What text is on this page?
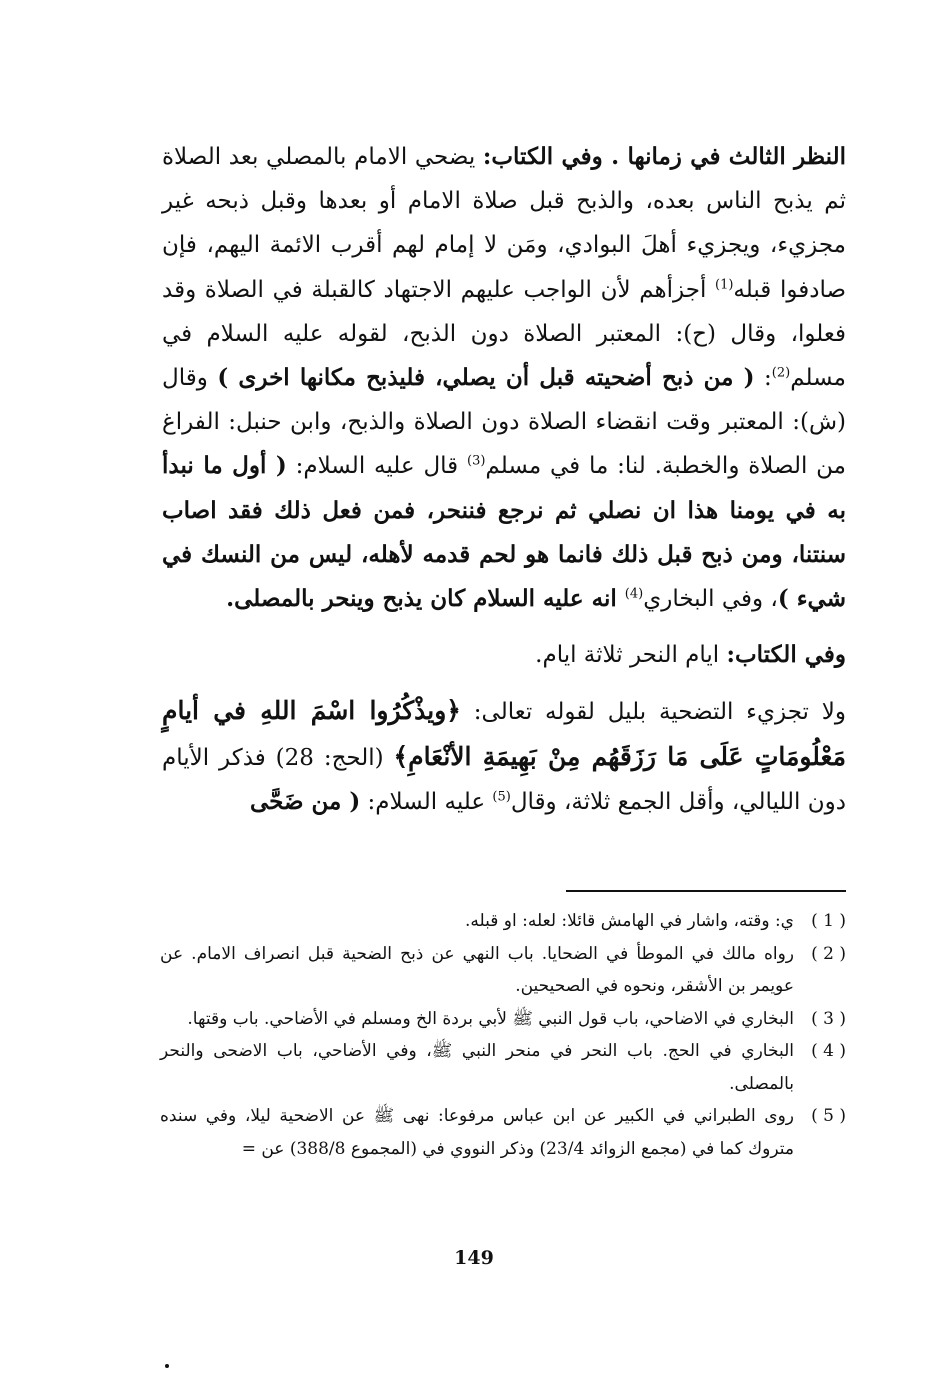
النظر الثالث في زمانها . وفي الكتاب: يضحي الامام بالمصلي بعد الصلاة ثم يذبح الناس بعده، والذبح قبل صلاة الامام أو بعدها وقبل ذبحه غير مجزيء، ويجزيء أهلَ البوادي، ومَن لا إمام لهم أقرب الائمة اليهم، فإن صادفوا قبله$^{(1)}$ أجزأهم لأن الواجب عليهم الاجتهاد كالقبلة في الصلاة وقد فعلوا، وقال (ح): المعتبر الصلاة دون الذبح، لقوله عليه السلام في مسلم$^{(2)}$: ( من ذبح أضحيته قبل أن يصلي، فليذبح مكانها اخرى ) وقال (ش): المعتبر وقت انقضاء الصلاة دون الصلاة والذبح، وابن حنبل: الفراغ من الصلاة والخطبة. لنا: ما في مسلم$^{(3)}$ قال عليه السلام: ( أول ما نبدأ به في يومنا هذا ان نصلي ثم نرجع فننحر، فمن فعل ذلك فقد اصاب سنتنا، ومن ذبح قبل ذلك فانما هو لحم قدمه لأهله، ليس من النسك في شيء )، وفي البخاري$^{(4)}$ انه عليه السلام كان يذبح وينحر بالمصلى.

وفي الكتاب: ايام النحر ثلاثة ايام.

ولا تجزيء التضحية بليل لقوله تعالى: ﴿ويذْكُرُوا اسْمَ اللهِ في أيامٍ مَعْلُومَاتٍ عَلَى مَا رَزَقَهُم مِنْ بَهِيمَةِ الأنْعَامِ﴾ (الحج: 28) فذكر الأيام دون الليالي، وأقل الجمع ثلاثة، وقال$^{(5)}$ عليه السلام: ( من ضَحَّى

( 1 )
ي: وقته، واشار في الهامش قائلا: لعله: او قبله.
( 2 )
رواه مالك في الموطأ في الضحايا. باب النهي عن ذبح الضحية قبل انصراف الامام. عن عويمر بن الأشقر، ونحوه في الصحيحين.
( 3 )
البخاري في الاضاحي، باب قول النبي ﷺ لأبي بردة الخ ومسلم في الأضاحي. باب وقتها.
( 4 )
البخاري في الحج. باب النحر في منحر النبي ﷺ، وفي الأضاحي، باب الاضحى والنحر بالمصلى.
( 5 )
روى الطبراني في الكبير عن ابن عباس مرفوعا: نهى ﷺ عن الاضحية ليلا، وفي سنده متروك كما في (مجمع الزوائد 23/4) وذكر النووي في (المجموع 388/8) عن =
149
